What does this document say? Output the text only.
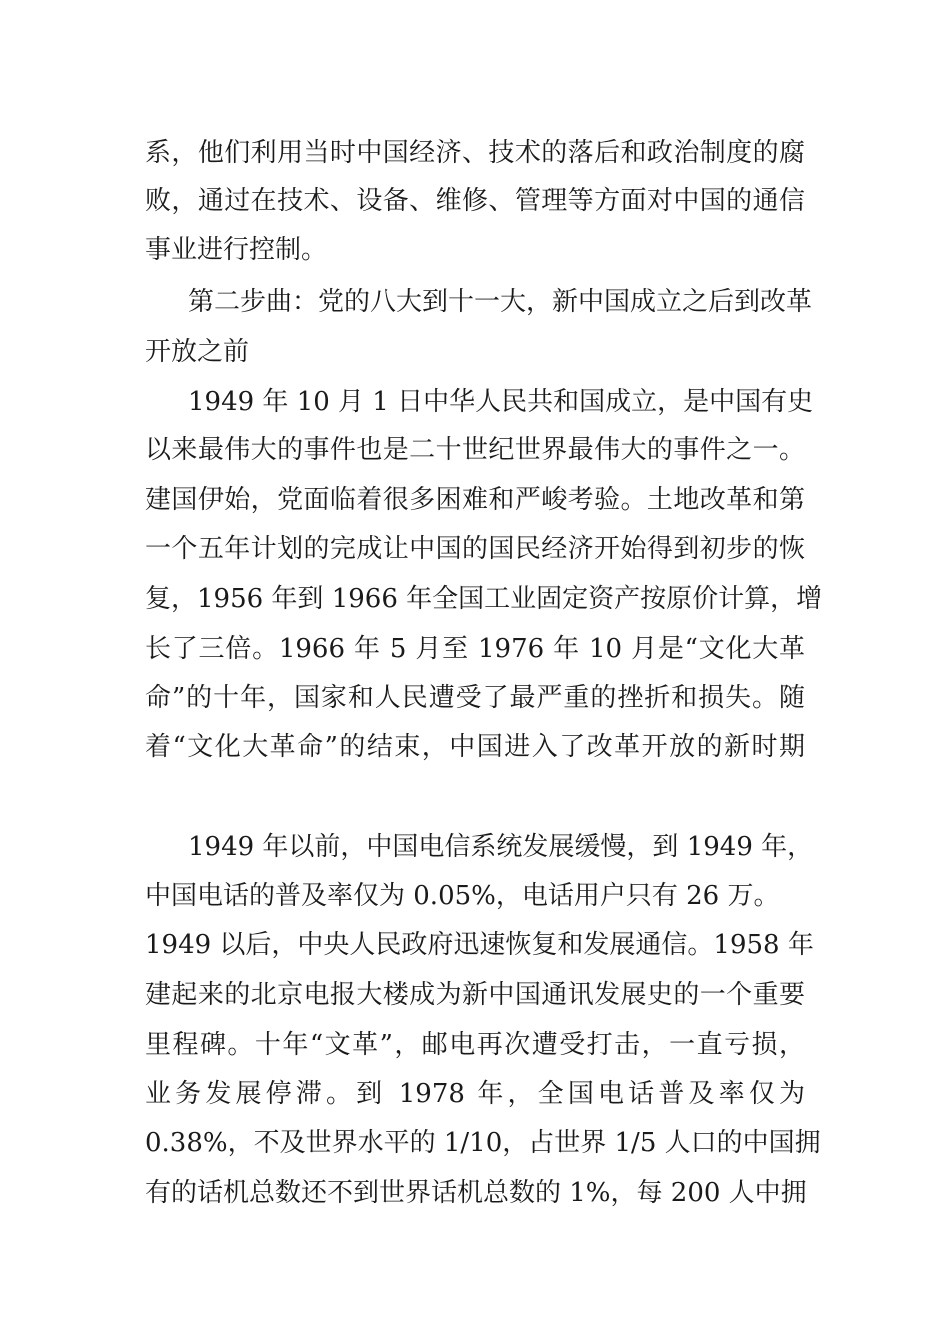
系，他们利用当时中国经济、技术的落后和政治制度的腐
败，通过在技术、设备、维修、管理等方面对中国的通信
事业进行控制。
第二步曲：党的八大到十一大，新中国成立之后到改革
开放之前
1949 年 10 月 1 日中华人民共和国成立，是中国有史
以来最伟大的事件也是二十世纪世界最伟大的事件之一。
建国伊始，党面临着很多困难和严峻考验。土地改革和第
一个五年计划的完成让中国的国民经济开始得到初步的恢
复，1956 年到 1966 年全国工业固定资产按原价计算，增
长了三倍。1966 年 5 月至 1976 年 10 月是“文化大革
命”的十年，国家和人民遭受了最严重的挫折和损失。随
着“文化大革命”的结束，中国进入了改革开放的新时期
1949 年以前，中国电信系统发展缓慢，到 1949 年，
中国电话的普及率仅为 0.05%，电话用户只有 26 万。
1949 以后，中央人民政府迅速恢复和发展通信。1958 年
建起来的北京电报大楼成为新中国通讯发展史的一个重要
里程碑。十年“文革”，邮电再次遭受打击，一直亏损，
业务发展停滞。到 1978 年，全国电话普及率仅为
0.38%，不及世界水平的 1/10，占世界 1/5 人口的中国拥
有的话机总数还不到世界话机总数的 1%，每 200 人中拥
